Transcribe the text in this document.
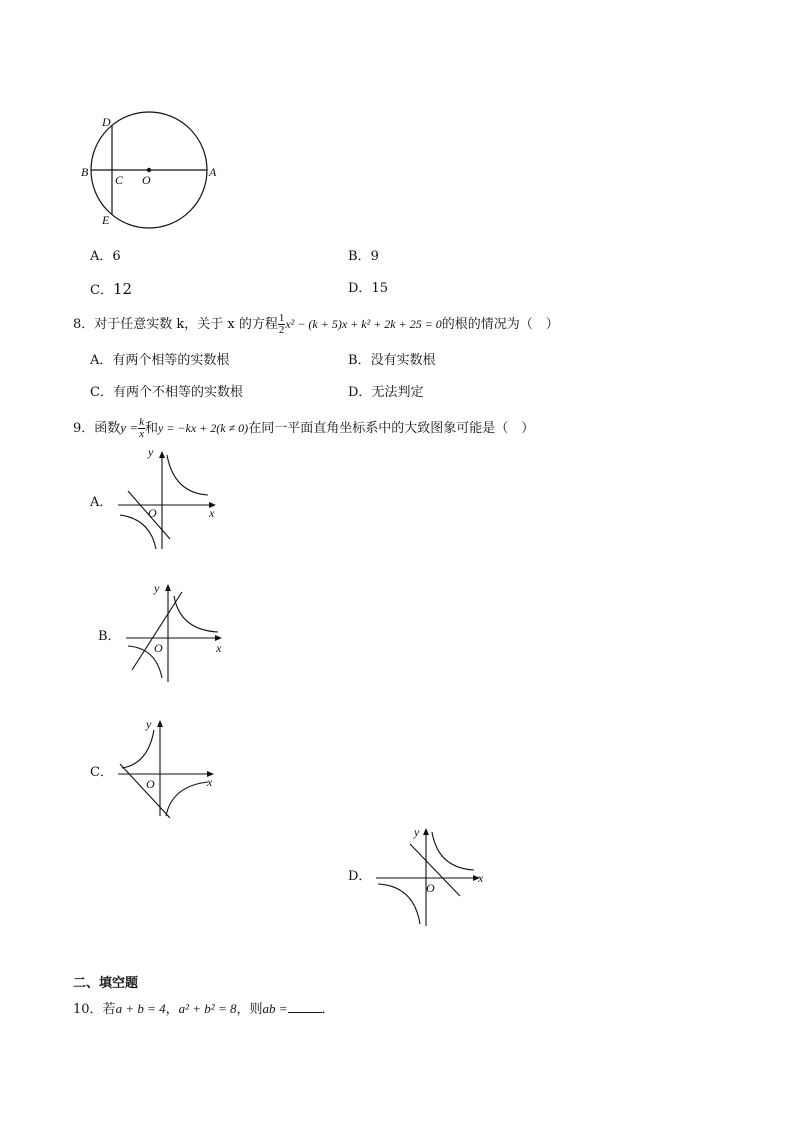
D
B
C O
A
E
A．6	B．9
C．12	D．15
8．对于任意实数 k，关于 x 的方程 $\frac{1}{2} x^2 - (k + 5)x + k^2 + 2k + 25 = 0$的根的情况为（　）
A．有两个相等的实数根	B．没有实数根
C．有两个不相等的实数根	D．无法判定
9．函数$y = \frac{k}{x}$ 和y = −kx + 2(k ≠ 0)在同一平面直角坐标系中的大致图象可能是（　）
A．
x
y
O
B．
x
y
O
C．
x
y
O
D．	x
y
O
二、填空题
10．若a + b = 4，a² + b² = 8，则ab =	．
